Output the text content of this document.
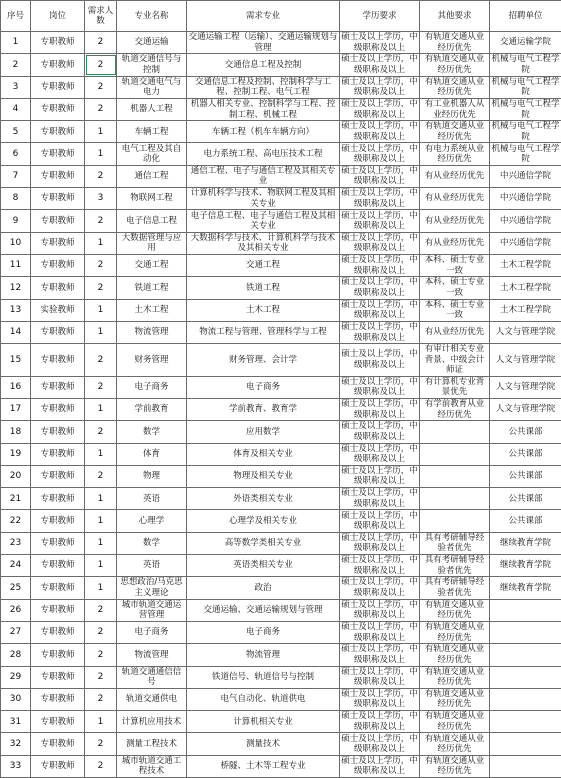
序号	岗位	需求人数	专业名称	需求专业	学历要求	其他要求	招聘单位
1	专职教师	2	交通运输	交通运输工程（运输）、交通运输规划与管理	硕士及以上学历，中级职称及以上	有轨道交通从业经历优先	交通运输学院
2	专职教师	2	轨道交通信号与控制	交通信息工程及控制	硕士及以上学历，中级职称及以上	有轨道交通从业经历优先	机械与电气工程学院
3	专职教师	2	轨道交通电气与电力	交通信息工程及控制、控制科学与工程、控制工程、电气工程	硕士及以上学历，中级职称及以上	有轨道交通从业经历优先	机械与电气工程学院
4	专职教师	2	机器人工程	机器人相关专业、控制科学与工程、控制工程、机械工程	硕士及以上学历，中级职称及以上	有工业机器人从业经历优先	机械与电气工程学院
5	专职教师	1	车辆工程	车辆工程（机车车辆方向）	硕士及以上学历，中级职称及以上	有轨道交通从业经历优先	机械与电气工程学院
6	专职教师	1	电气工程及其自动化	电力系统工程、高电压技术工程	硕士及以上学历，中级职称及以上	有电力系统从业经历优先	机械与电气工程学院
7	专职教师	2	通信工程	通信工程、电子与通信工程及其相关专业	硕士及以上学历，中级职称及以上	有从业经历优先	中兴通信学院
8	专职教师	3	物联网工程	计算机科学与技术、物联网工程及其相关专业	硕士及以上学历，中级职称及以上	有从业经历优先	中兴通信学院
9	专职教师	2	电子信息工程	电子信息工程、电子与通信工程及其相关专业	硕士及以上学历，中级职称及以上	有从业经历优先	中兴通信学院
10	专职教师	1	大数据管理与应用	大数据科学与技术、计算机科学与技术及其相关专业	硕士及以上学历，中级职称及以上	有从业经历优先	中兴通信学院
11	专职教师	2	交通工程	交通工程	硕士及以上学历，中级职称及以上	本科、硕士专业一致	土木工程学院
12	专职教师	2	铁道工程	铁道工程	硕士及以上学历，中级职称及以上	本科、硕士专业一致	土木工程学院
13	实验教师	1	土木工程	土木工程	硕士及以上学历，中级职称及以上	本科、硕士专业一致	土木工程学院
14	专职教师	1	物流管理	物流工程与管理、管理科学与工程	硕士及以上学历，中级职称及以上	有从业经历优先	人文与管理学院
15	专职教师	2	财务管理	财务管理、会计学	硕士及以上学历，中级职称及以上	有审计相关专业背景、中级会计师证	人文与管理学院
16	专职教师	2	电子商务	电子商务	硕士及以上学历，中级职称及以上	有计算机专业背景优先	人文与管理学院
17	专职教师	1	学前教育	学前教育、教育学	硕士及以上学历，中级职称及以上	有学前教育从业经历优先	人文与管理学院
18	专职教师	2	数学	应用数学	硕士及以上学历，中级职称及以上		公共课部
19	专职教师	1	体育	体育及相关专业	硕士及以上学历，中级职称及以上		公共课部
20	专职教师	2	物理	物理及相关专业	硕士及以上学历，中级职称及以上		公共课部
21	专职教师	1	英语	外语类相关专业	硕士及以上学历，中级职称及以上		公共课部
22	专职教师	1	心理学	心理学及相关专业	硕士及以上学历，中级职称及以上		公共课部
23	专职教师	1	数学	高等数学类相关专业	硕士及以上学历，中级职称及以上	具有考研辅导经验者优先	继续教育学院
24	专职教师	1	英语	英语类相关专业	硕士及以上学历，中级职称及以上	具有考研辅导经验者优先	继续教育学院
25	专职教师	1	思想政治/马克思主义理论	政治	硕士及以上学历，中级职称及以上	具有考研辅导经验者优先	继续教育学院
26	专职教师	2	城市轨道交通运营管理	交通运输、交通运输规划与管理	硕士及以上学历，中级职称及以上	有轨道交通从业经历优先	
27	专职教师	2	电子商务	电子商务	硕士及以上学历，中级职称及以上	有轨道交通从业经历优先	
28	专职教师	2	物流管理	物流管理	硕士及以上学历，中级职称及以上	有轨道交通从业经历优先	
29	专职教师	2	轨道交通通信信号	铁道信号、轨道信号与控制	硕士及以上学历，中级职称及以上	有轨道交通从业经历优先	
30	专职教师	2	轨道交通供电	电气自动化、轨道供电	硕士及以上学历，中级职称及以上	有轨道交通从业经历优先	
31	专职教师	1	计算机应用技术	计算机相关专业	硕士及以上学历，中级职称及以上	有轨道交通从业经历优先	
32	专职教师	2	测量工程技术	测量技术	硕士及以上学历，中级职称及以上	有轨道交通从业经历优先	
33	专职教师	2	城市轨道交通工程技术	桥隧、土木等工程专业	硕士及以上学历，中级职称及以上	有轨道交通从业经历优先	
